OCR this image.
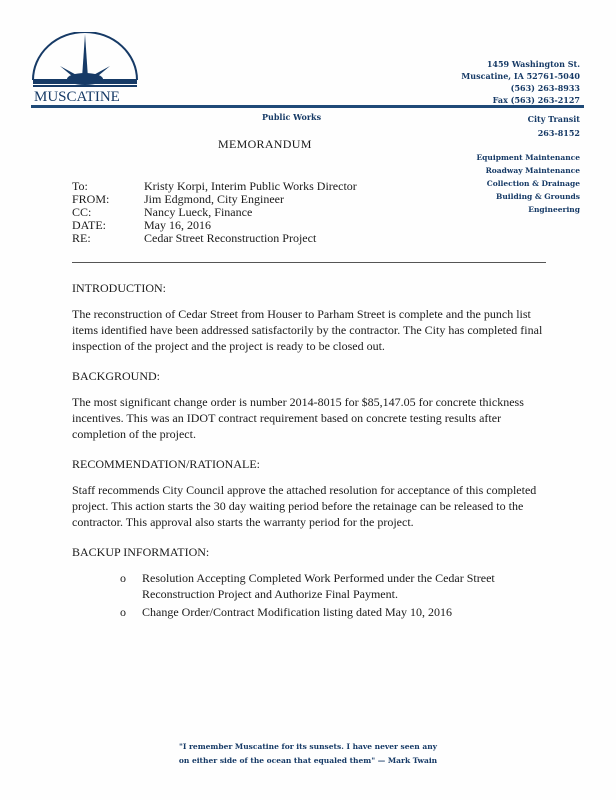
MUSCATINE
1459 Washington St.
Muscatine, IA 52761-5040
(563) 263-8933
Fax (563) 263-2127
Public Works	City Transit
263-8152
Equipment Maintenance
Roadway Maintenance
Collection & Drainage
Building & Grounds
Engineering
MEMORANDUM
To:	Kristy Korpi, Interim Public Works Director
FROM:	Jim Edgmond, City Engineer
CC:	Nancy Lueck, Finance
DATE:	May 16, 2016
RE:	Cedar Street Reconstruction Project
INTRODUCTION:

The reconstruction of Cedar Street from Houser to Parham Street is complete and the punch list items identified have been addressed satisfactorily by the contractor. The City has completed final inspection of the project and the project is ready to be closed out.

BACKGROUND:

The most significant change order is number 2014-8015 for $85,147.05 for concrete thickness incentives. This was an IDOT contract requirement based on concrete testing results after completion of the project.

RECOMMENDATION/RATIONALE:

Staff recommends City Council approve the attached resolution for acceptance of this completed project. This action starts the 30 day waiting period before the retainage can be released to the contractor. This approval also starts the warranty period for the project.

BACKUP INFORMATION:
o	Resolution Accepting Completed Work Performed under the Cedar Street Reconstruction Project and Authorize Final Payment.
o	Change Order/Contract Modification listing dated May 10, 2016
"I remember Muscatine for its sunsets. I have never seen any
on either side of the ocean that equaled them" — Mark Twain
